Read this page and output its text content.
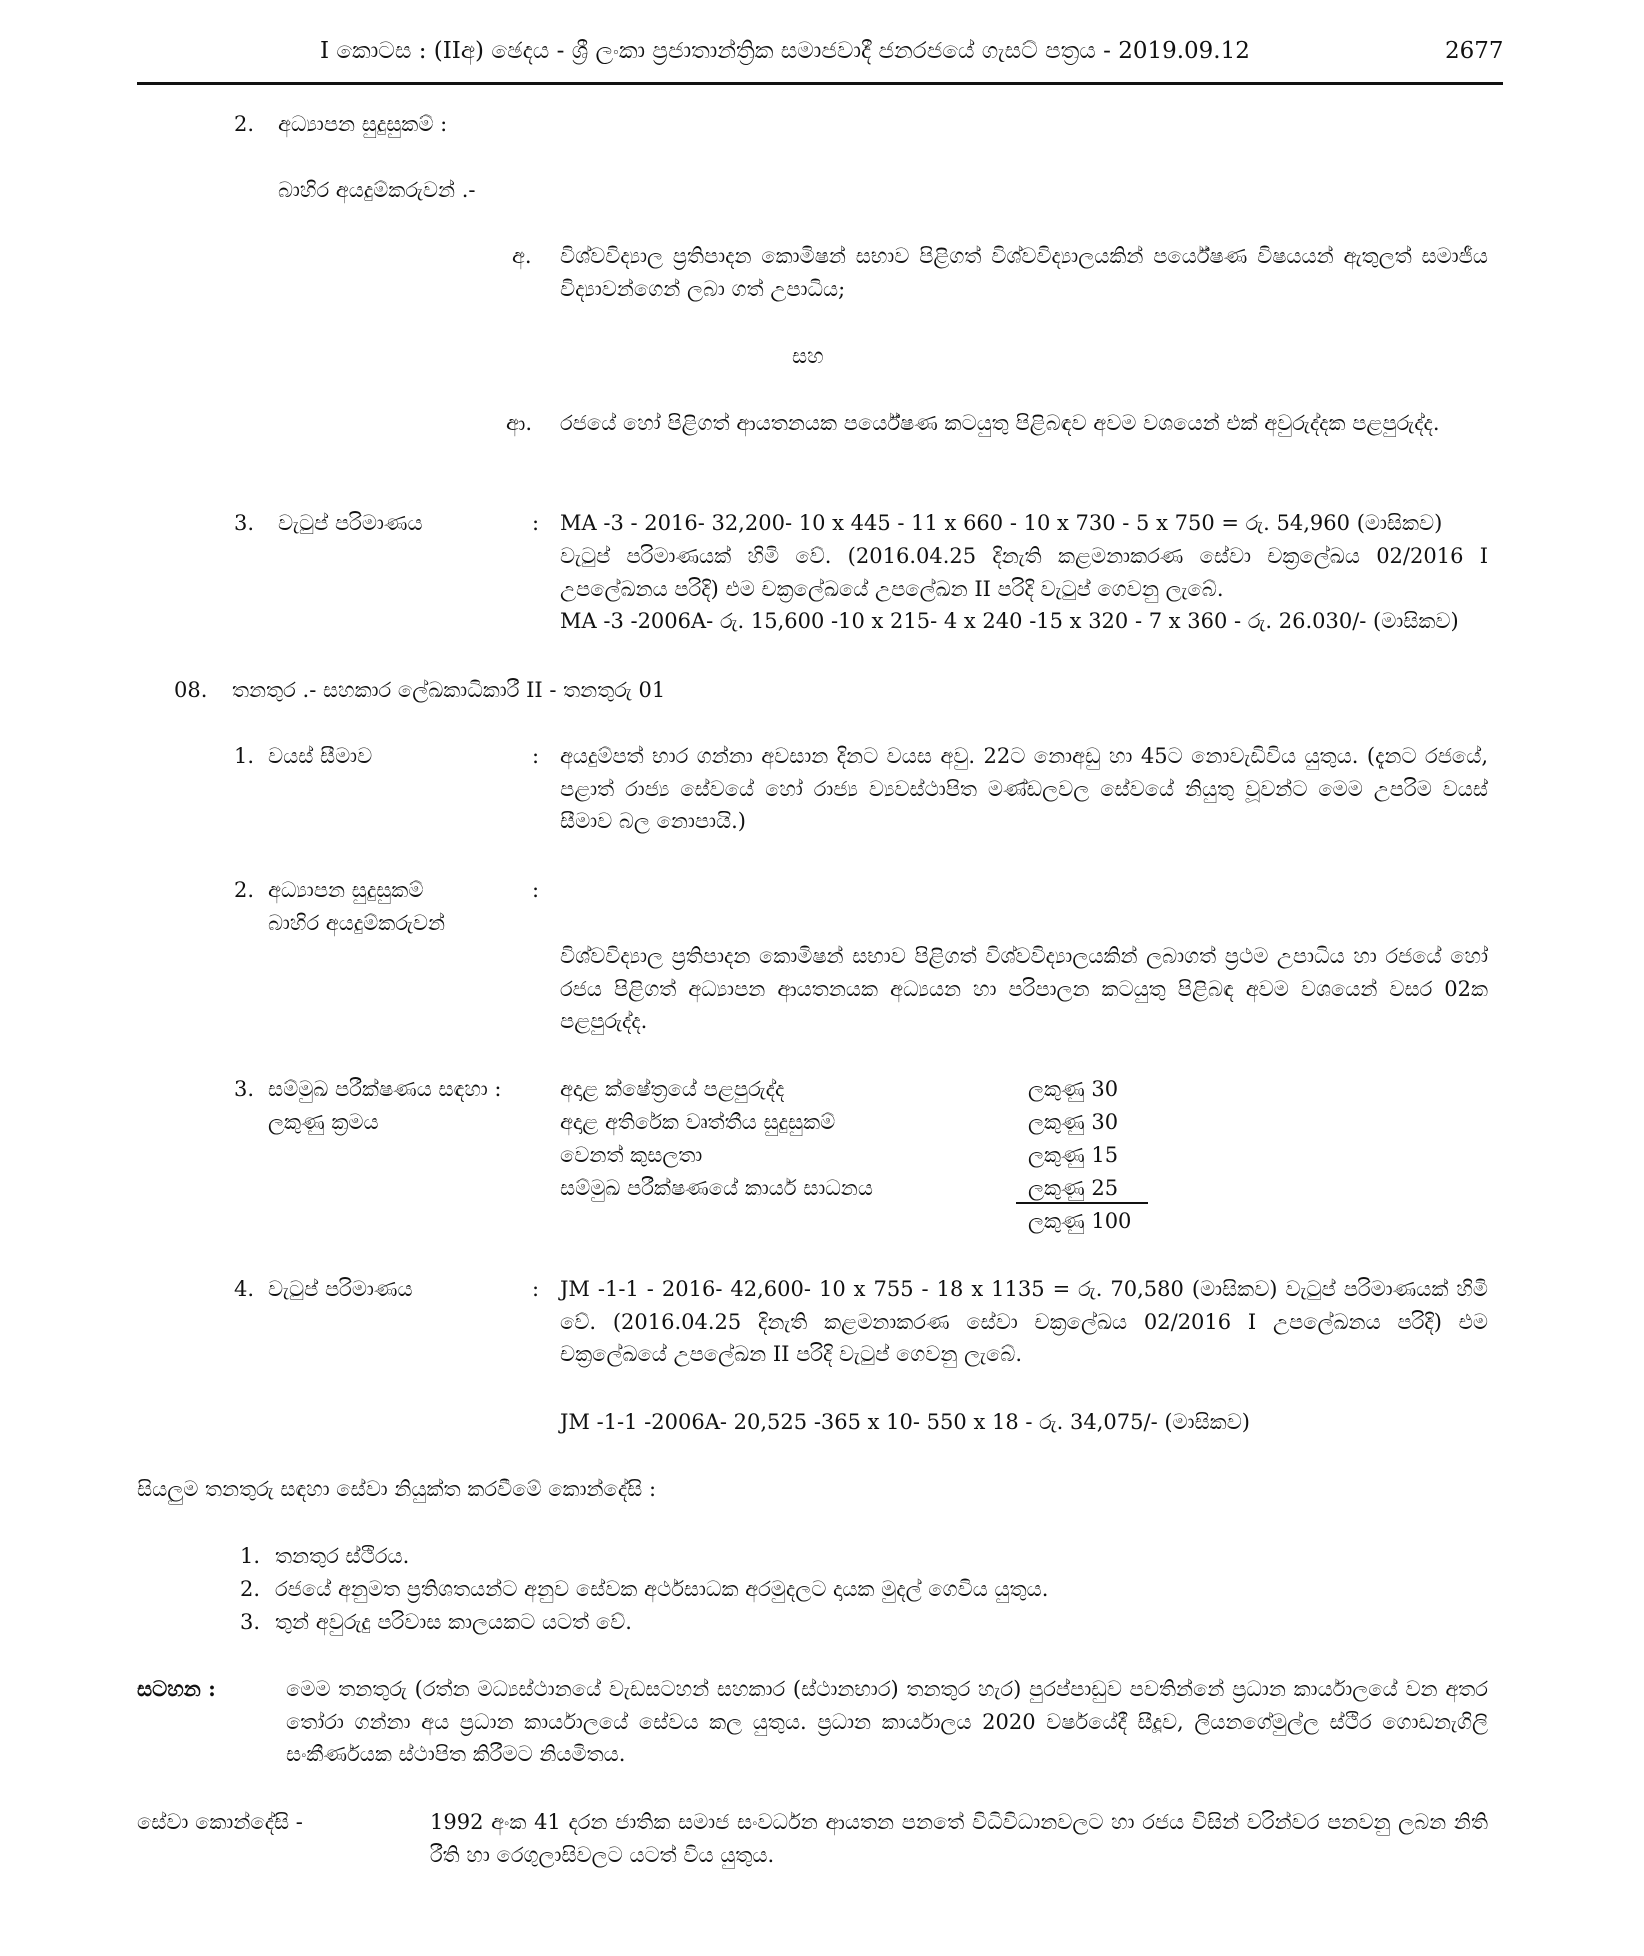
I කොටස : (IIඅ) ඡෙදය - ශ්‍රී ලංකා ප්‍රජාතාන්ත්‍රික සමාජවාදී ජනරජයේ ගැසට් පත්‍රය - 2019.09.12	2677
2. අධ්‍යාපන සුදුසුකම් :
බාහිර අයදුම්කරුවන් .-
අ. විශ්වවිද්‍යාල ප්‍රතිපාදන කොමිෂන් සභාව පිළිගත් විශ්වවිද්‍යාලයකින් පර්යේෂණ විෂයයන් ඇතුලත් සමාජීය විද්‍යාවන්ගෙන් ලබා ගත් උපාධිය;
සහ
ආ. රජයේ හෝ පිළිගත් ආයතනයක පර්යේෂණ කටයුතු පිළිබඳව අවම වශයෙන් එක් අවුරුද්දක පළපුරුද්ද.
3. වැටුප් පරිමාණය	: MA -3 - 2016- 32,200- 10 x 445 - 11 x 660 - 10 x 730 - 5 x 750 = රු. 54,960 (මාසිකව)
වැටුප් පරිමාණයක් හිමි වේ. (2016.04.25 දිනැති කළමනාකරණ සේවා චක්‍රලේඛය 02/2016 I උපලේඛනය පරිදි) එම චක්‍රලේඛයේ උපලේඛන II පරිදි වැටුප් ගෙවනු ලැබේ.
MA -3 -2006A- රු. 15,600 -10 x 215- 4 x 240 -15 x 320 - 7 x 360 - රු. 26.030/- (මාසිකව)
08. තනතුර .- සහකාර ලේඛකාධිකාරී II - තනතුරු 01
1. වයස් සීමාව	: අයදුම්පත් භාර ගන්නා අවසාන දිනට වයස අවු. 22ට නොඅඩු හා 45ට නොවැඩිවිය යුතුය. (දැනට රජයේ, පළාත් රාජ්‍ය සේවයේ හෝ රාජ්‍ය ව්‍යවස්ථාපිත මණ්ඩලවල සේවයේ නියුතු වූවන්ට මෙම උපරිම වයස් සීමාව බල නොපායි.)
2. අධ්‍යාපන සුදුසුකම්	:
බාහිර අයදුම්කරුවන්
විශ්වවිද්‍යාල ප්‍රතිපාදන කොමිෂන් සභාව පිළිගත් විශ්වවිද්‍යාලයකින් ලබාගත් ප්‍රථම උපාධිය හා රජයේ හෝ රජය පිළිගත් අධ්‍යාපන ආයතනයක අධ්‍යයන හා පරිපාලන කටයුතු පිළිබඳ අවම වශයෙන් වසර 02ක පළපුරුද්ද.
3. සම්මුඛ පරීක්ෂණය සඳහා :
ලකුණු ක්‍රමය
අදාළ ක්ෂේත්‍රයේ පළපුරුද්ද	ලකුණු 30
අදාළ අතිරේක වෘත්තීය සුදුසුකම්	ලකුණු 30
වෙනත් කුසලතා	ලකුණු 15
සම්මුඛ පරීක්ෂණයේ කාර්ය සාධනය	ලකුණු 25
ලකුණු 100
4. වැටුප් පරිමාණය	: JM -1-1 - 2016- 42,600- 10 x 755 - 18 x 1135 = රු. 70,580 (මාසිකව) වැටුප් පරිමාණයක් හිමි වේ. (2016.04.25 දිනැති කළමනාකරණ සේවා චක්‍රලේඛය 02/2016 I උපලේඛනය පරිදි) එම චක්‍රලේඛයේ උපලේඛන II පරිදි වැටුප් ගෙවනු ලැබේ.
JM -1-1 -2006A- 20,525 -365 x 10- 550 x 18 - රු. 34,075/- (මාසිකව)
සියලුම තනතුරු සඳහා සේවා නියුක්ත කරවීමේ කොන්දේසි :
1. තනතුර ස්ථිරය.
2. රජයේ අනුමත ප්‍රතිශතයන්ට අනුව සේවක අර්ථසාධක අරමුදලට දායක මුදල් ගෙවිය යුතුය.
3. තුන් අවුරුදු පරිවාස කාලයකට යටත් වේ.
සටහන :	මෙම තනතුරු (රත්න මධ්‍යස්ථානයේ වැඩසටහන් සහකාර (ස්ථානභාර) තනතුර හැර) පුරප්පාඩුව පවතින්නේ ප්‍රධාන කාර්යාලයේ වන අතර තෝරා ගන්නා අය ප්‍රධාන කාර්යාලයේ සේවය කල යුතුය. ප්‍රධාන කාර්යාලය 2020 වර්ෂයේදී සීදූව, ලියනගේමුල්ල ස්ථිර ගොඩනැගිලි සංකීර්ණයක ස්ථාපිත කිරීමට නියමිතය.
සේවා කොන්දේසි -	1992 අංක 41 දරන ජාතික සමාජ සංවර්ධන ආයතන පනතේ විධිවිධානවලට හා රජය විසින් වරින්වර පනවනු ලබන නිති රීති හා රෙගුලාසිවලට යටත් විය යුතුය.
